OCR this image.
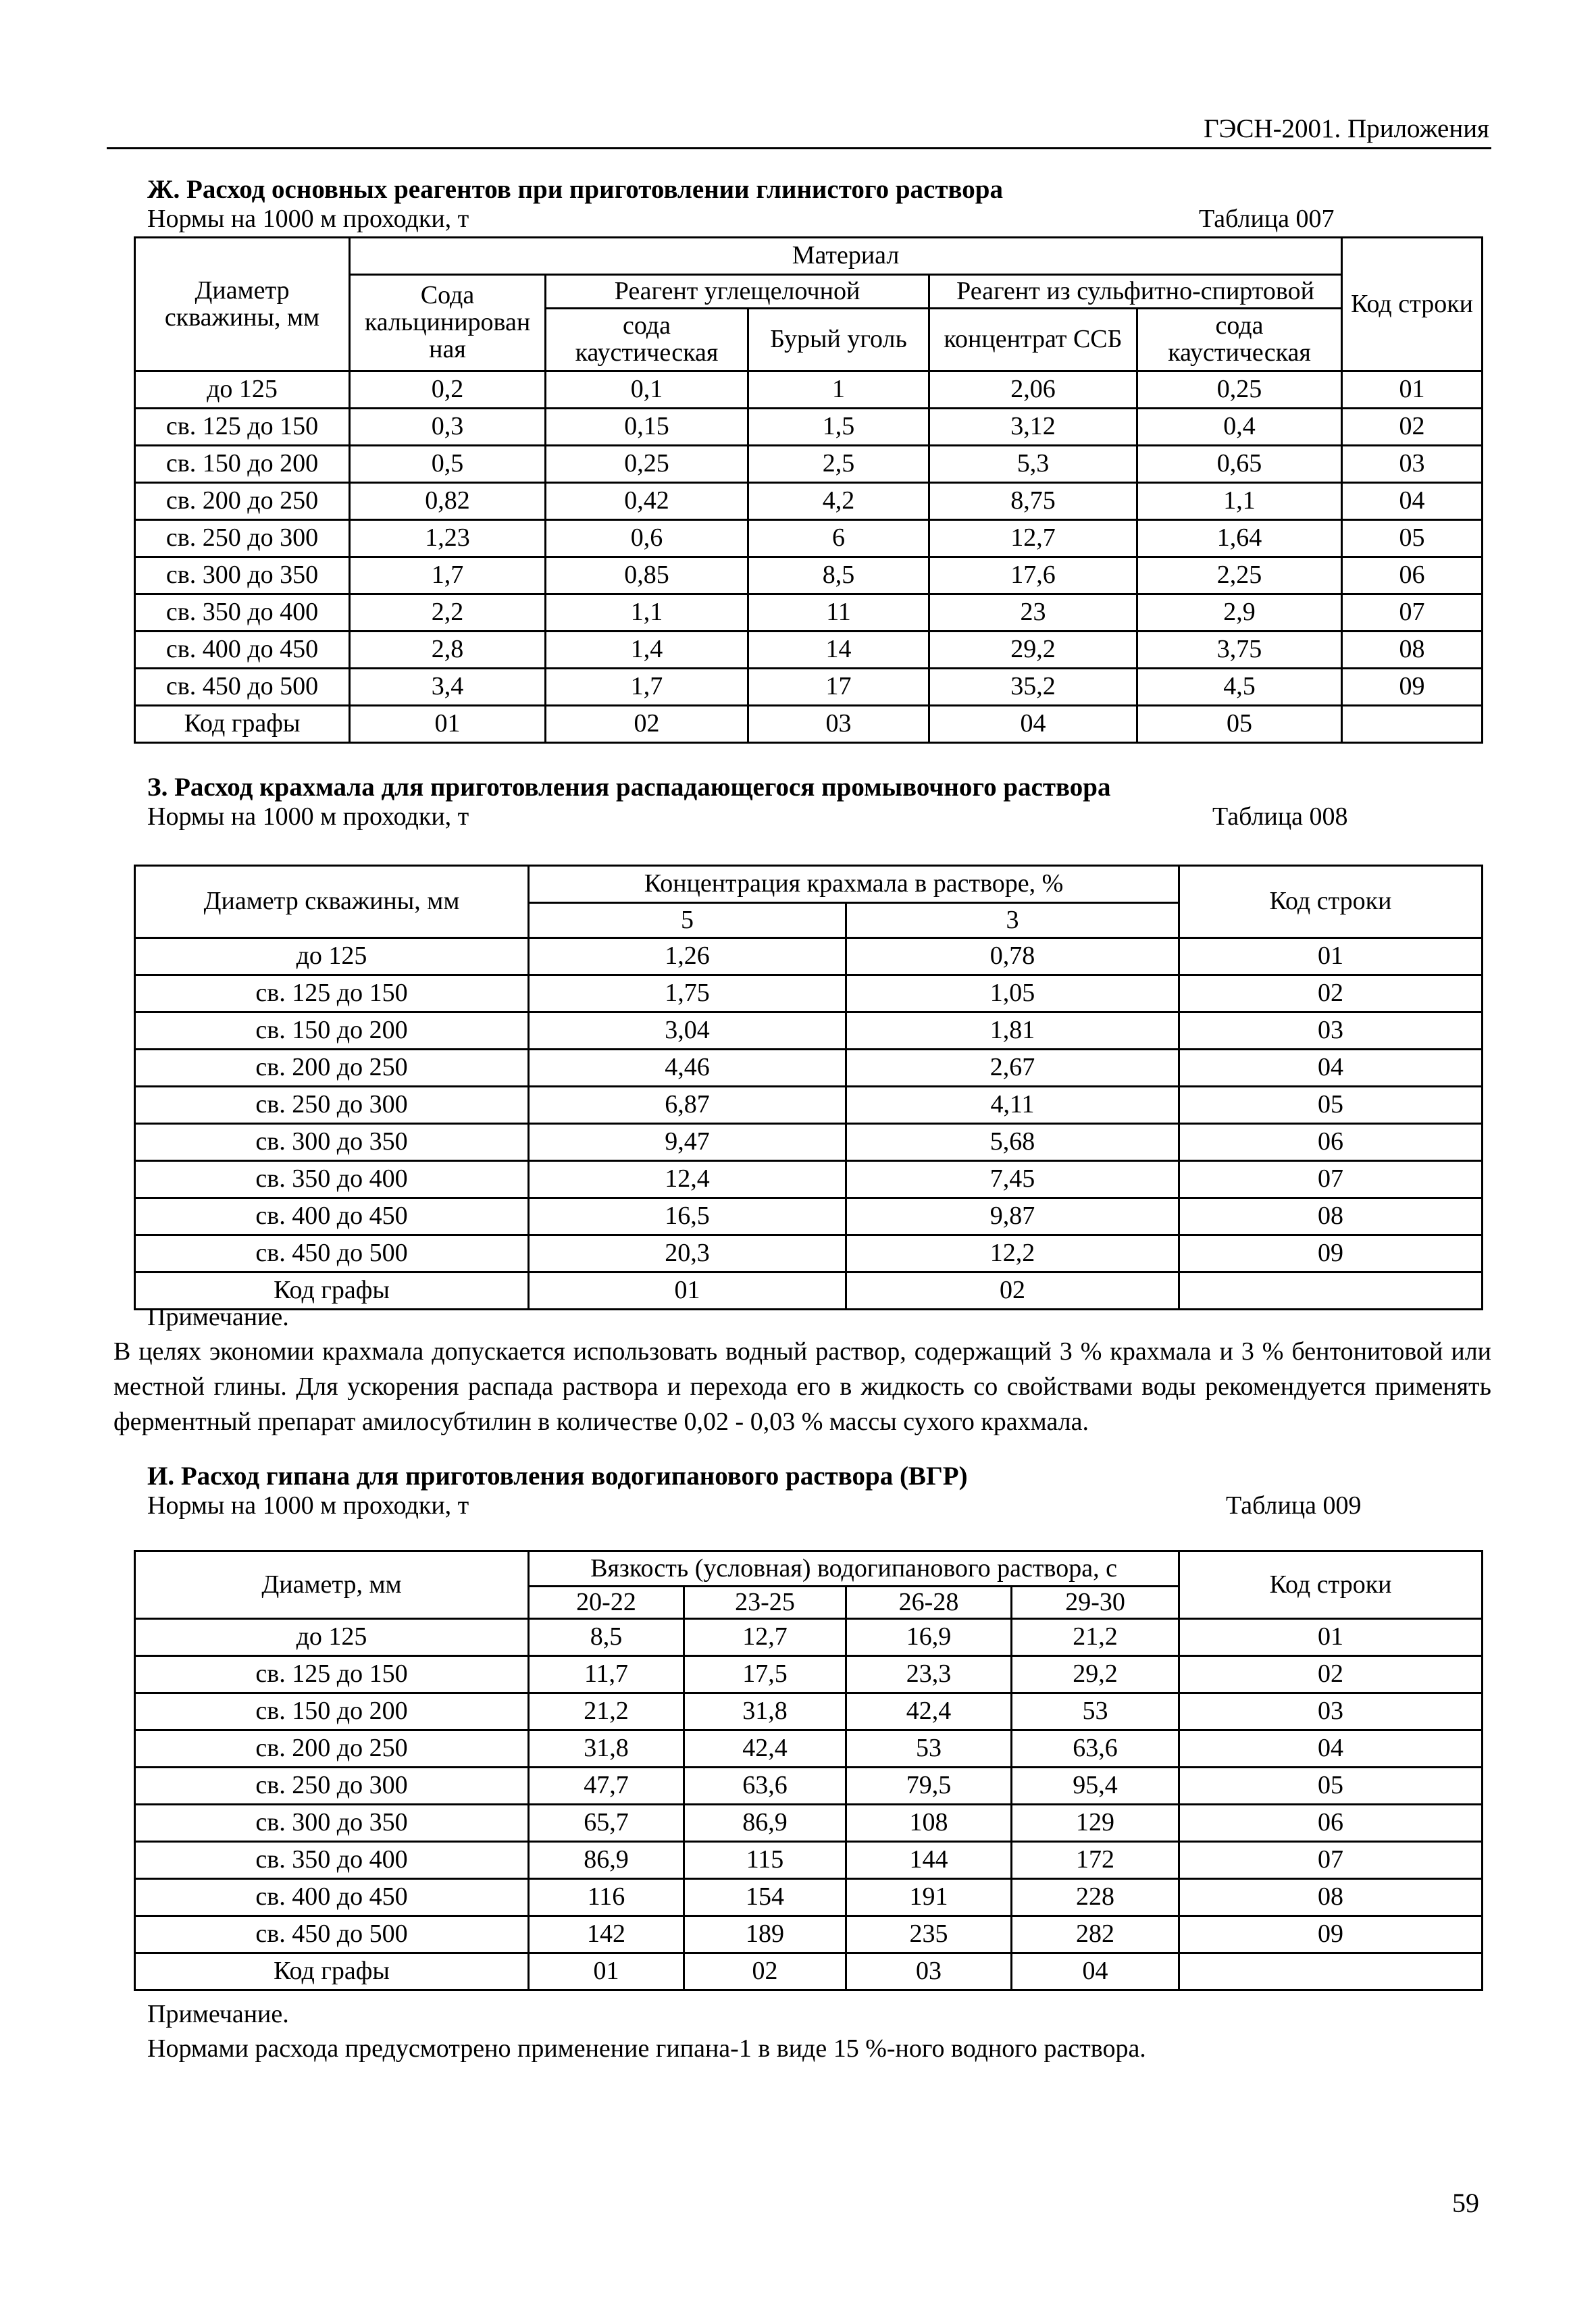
ГЭСН-2001. Приложения
Ж. Расход основных реагентов при приготовлении глинистого раствора
Нормы на 1000 м проходки, т	Таблица 007
Диаметр скважины, мм	Материал					Код строки
	Сода кальцинирован ная	Реагент углещелочной		Реагент из сульфитно-спиртовой		
		сода каустическая	Бурый уголь	концентрат ССБ	сода каустическая	
до 125	0,2	0,1	1	2,06	0,25	01
св. 125 до 150	0,3	0,15	1,5	3,12	0,4	02
св. 150 до 200	0,5	0,25	2,5	5,3	0,65	03
св. 200 до 250	0,82	0,42	4,2	8,75	1,1	04
св. 250 до 300	1,23	0,6	6	12,7	1,64	05
св. 300 до 350	1,7	0,85	8,5	17,6	2,25	06
св. 350 до 400	2,2	1,1	11	23	2,9	07
св. 400 до 450	2,8	1,4	14	29,2	3,75	08
св. 450 до 500	3,4	1,7	17	35,2	4,5	09
Код графы	01	02	03	04	05	
З. Расход крахмала для приготовления распадающегося промывочного раствора
Нормы на 1000 м проходки, т	Таблица 008
Диаметр скважины, мм	Концентрация крахмала в растворе, %		Код строки
	5	3	
до 125	1,26	0,78	01
св. 125 до 150	1,75	1,05	02
св. 150 до 200	3,04	1,81	03
св. 200 до 250	4,46	2,67	04
св. 250 до 300	6,87	4,11	05
св. 300 до 350	9,47	5,68	06
св. 350 до 400	12,4	7,45	07
св. 400 до 450	16,5	9,87	08
св. 450 до 500	20,3	12,2	09
Код графы	01	02	
Примечание.
В целях экономии крахмала допускается использовать водный раствор, содержащий 3 % крахмала и 3 % бентонитовой или местной глины. Для ускорения распада раствора и перехода его в жидкость со свойствами воды рекомендуется применять ферментный препарат амилосубтилин в количестве 0,02 - 0,03 % массы сухого крахмала.
И. Расход гипана для приготовления водогипанового раствора (ВГР)
Нормы на 1000 м проходки, т	Таблица 009
Диаметр, мм	Вязкость (условная) водогипанового раствора, с				Код строки
	20-22	23-25	26-28	29-30	
до 125	8,5	12,7	16,9	21,2	01
св. 125 до 150	11,7	17,5	23,3	29,2	02
св. 150 до 200	21,2	31,8	42,4	53	03
св. 200 до 250	31,8	42,4	53	63,6	04
св. 250 до 300	47,7	63,6	79,5	95,4	05
св. 300 до 350	65,7	86,9	108	129	06
св. 350 до 400	86,9	115	144	172	07
св. 400 до 450	116	154	191	228	08
св. 450 до 500	142	189	235	282	09
Код графы	01	02	03	04	
Примечание.
Нормами расхода предусмотрено применение гипана-1 в виде 15 %-ного водного раствора.
59
